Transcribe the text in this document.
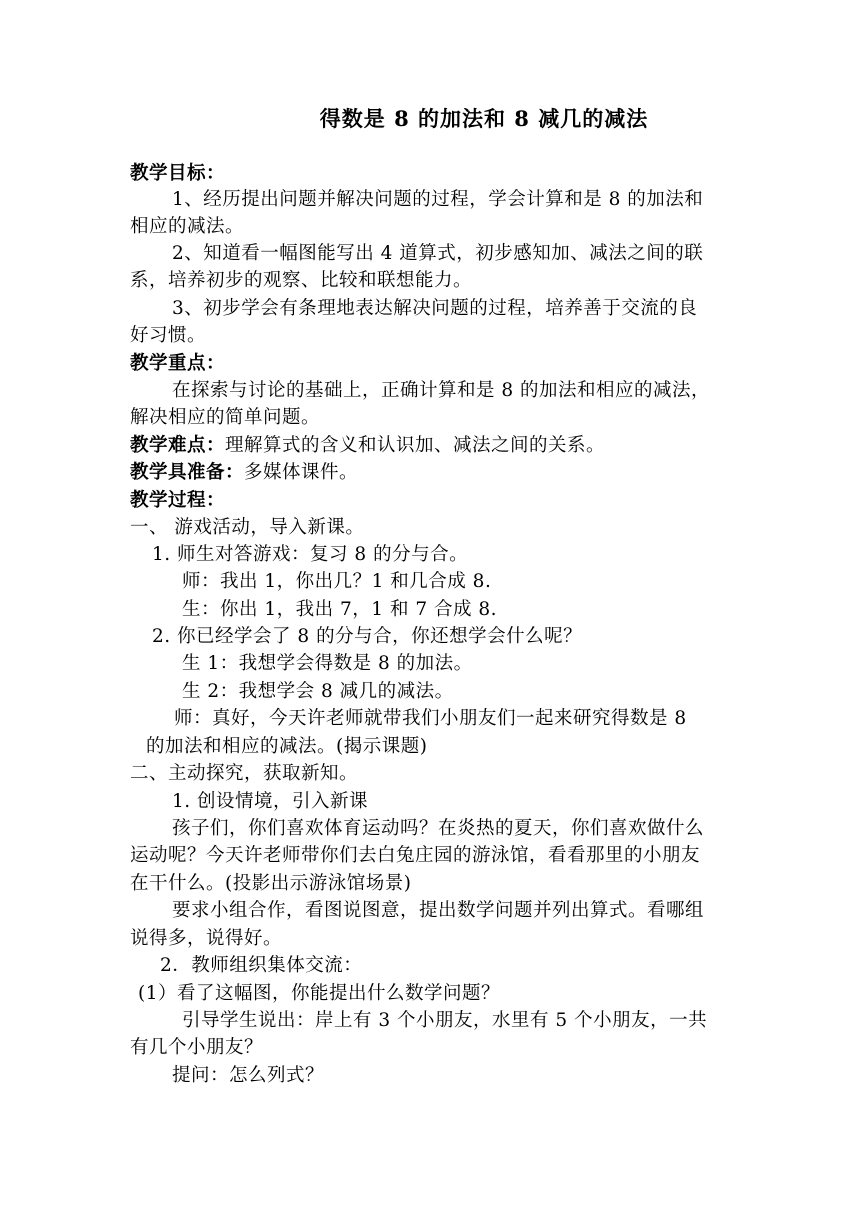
得数是 8 的加法和 8 减几的减法
教学目标：
1、经历提出问题并解决问题的过程，学会计算和是 8 的加法和
相应的减法。
2、知道看一幅图能写出 4 道算式，初步感知加、减法之间的联
系，培养初步的观察、比较和联想能力。
3、初步学会有条理地表达解决问题的过程，培养善于交流的良
好习惯。
教学重点：
在探索与讨论的基础上，正确计算和是 8 的加法和相应的减法，
解决相应的简单问题。
教学难点：理解算式的含义和认识加、减法之间的关系。
教学具准备：多媒体课件。
教学过程：
一、 游戏活动，导入新课。
1. 师生对答游戏：复习 8 的分与合。
师：我出 1，你出几？1 和几合成 8.
生：你出 1，我出 7，1 和 7 合成 8.
2. 你已经学会了 8 的分与合，你还想学会什么呢？
生 1：我想学会得数是 8 的加法。
生 2：我想学会 8 减几的减法。
师：真好，今天许老师就带我们小朋友们一起来研究得数是 8
的加法和相应的减法。(揭示课题)
二、主动探究，获取新知。
1. 创设情境，引入新课
孩子们，你们喜欢体育运动吗？在炎热的夏天，你们喜欢做什么
运动呢？今天许老师带你们去白兔庄园的游泳馆，看看那里的小朋友
在干什么。(投影出示游泳馆场景)
要求小组合作，看图说图意，提出数学问题并列出算式。看哪组
说得多，说得好。
2．教师组织集体交流：
(1）看了这幅图，你能提出什么数学问题？
引导学生说出：岸上有 3 个小朋友，水里有 5 个小朋友，一共
有几个小朋友？
提问：怎么列式？
